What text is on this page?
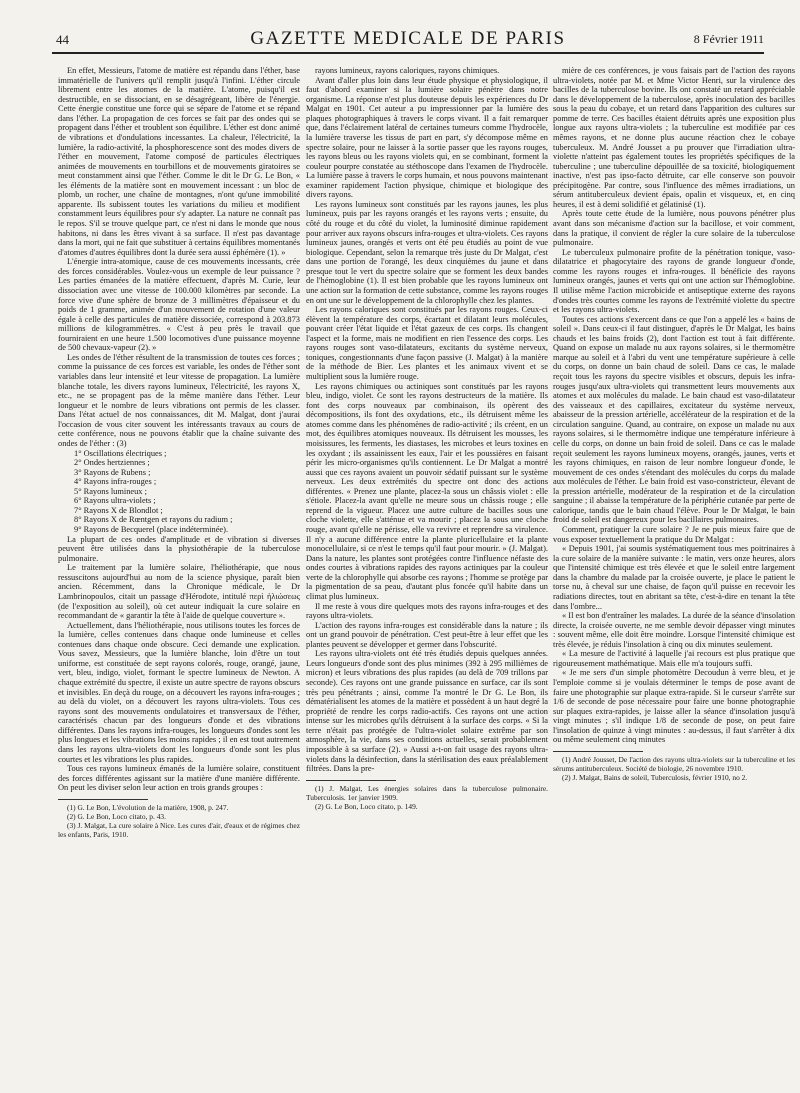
44	GAZETTE MEDICALE DE PARIS	8 Février 1911

En effet, Messieurs, l'atome de matière est répandu dans l'éther, base immatérielle de l'univers qu'il remplit jusqu'à l'infini. L'éther circule librement entre les atomes de la matière. L'atome, puisqu'il est destructible, en se dissociant, en se désagrégeant, libère de l'énergie. Cette énergie constitue une force qui se sépare de l'atome et se répand dans l'éther. La propagation de ces forces se fait par des ondes qui se propagent dans l'éther et troublent son équilibre. L'éther est donc animé de vibrations et d'ondulations incessantes. La chaleur, l'électricité, la lumière, la radio-activité, la phosphorescence sont des modes divers de l'éther en mouvement, l'atome composé de particules électriques animées de mouvements en tourbillons et de mouvements giratoires se meut constamment ainsi que l'éther. Comme le dit le Dr G. Le Bon, « les éléments de la matière sont en mouvement incessant : un bloc de plomb, un rocher, une chaîne de montagnes, n'ont qu'une immobilité apparente. Ils subissent toutes les variations du milieu et modifient constamment leurs équilibres pour s'y adapter. La nature ne connaît pas le repos. S'il se trouve quelque part, ce n'est ni dans le monde que nous habitons, ni dans les êtres vivant à sa surface. Il n'est pas davantage dans la mort, qui ne fait que substituer à certains équilibres momentanés d'atomes d'autres équilibres dont la durée sera aussi éphémère (1). »

L'énergie intra-atomique, cause de ces mouvements incessants, crée des forces considérables. Voulez-vous un exemple de leur puissance ? Les parties émanées de la matière effectuent, d'après M. Curie, leur dissociation avec une vitesse de 100.000 kilomètres par seconde. La force vive d'une sphère de bronze de 3 millimètres d'épaisseur et du poids de 1 gramme, animée d'un mouvement de rotation d'une valeur égale à celle des particules de matière dissociée, correspond à 203.873 millions de kilogrammètres. « C'est à peu près le travail que fourniraient en une heure 1.500 locomotives d'une puissance moyenne de 500 chevaux-vapeur (2). »

Les ondes de l'éther résultent de la transmission de toutes ces forces ; comme la puissance de ces forces est variable, les ondes de l'éther sont variables dans leur intensité et leur vitesse de propagation. La lumière blanche totale, les divers rayons lumineux, l'électricité, les rayons X, etc., ne se propagent pas de la même manière dans l'éther. Leur longueur et le nombre de leurs vibrations ont permis de les classer. Dans l'état actuel de nos connaissances, dit M. Malgat, dont j'aurai l'occasion de vous citer souvent les intéressants travaux au cours de cette conférence, nous ne pouvons établir que la chaîne suivante des ondes de l'éther : (3)

1° Oscillations électriques ;
2° Ondes hertziennes ;
3° Rayons de Rubens ;
4° Rayons infra-rouges ;
5° Rayons lumineux ;
6° Rayons ultra-violets ;
7° Rayons X de Blondlot ;
8° Rayons X de Rœntgen et rayons du radium ;
9° Rayons de Becquerel (place indéterminée).

La plupart de ces ondes d'amplitude et de vibration si diverses peuvent être utilisées dans la physiothérapie de la tuberculose pulmonaire.

Le traitement par la lumière solaire, l'héliothérapie, que nous ressuscitons aujourd'hui au nom de la science physique, paraît bien ancien. Récemment, dans la Chronique médicale, le Dr Lambrinopoulos, citait un passage d'Hérodote, intitulé περὶ ἡλιώσεως (de l'exposition au soleil), où cet auteur indiquait la cure solaire en recommandant de « garantir la tête à l'aide de quelque couverture ».

Actuellement, dans l'héliothérapie, nous utilisons toutes les forces de la lumière, celles contenues dans chaque onde lumineuse et celles contenues dans chaque onde obscure. Ceci demande une explication. Vous savez, Messieurs, que la lumière blanche, loin d'être un tout uniforme, est constituée de sept rayons colorés, rouge, orangé, jaune, vert, bleu, indigo, violet, formant le spectre lumineux de Newton. A chaque extrémité du spectre, il existe un autre spectre de rayons obscurs et invisibles. En deçà du rouge, on a découvert les rayons infra-rouges ; au delà du violet, on a découvert les rayons ultra-violets. Tous ces rayons sont des mouvements ondulatoires et transversaux de l'éther, caractérisés chacun par des longueurs d'onde et des vibrations différentes. Dans les rayons infra-rouges, les longueurs d'ondes sont les plus longues et les vibrations les moins rapides ; il en est tout autrement dans les rayons ultra-violets dont les longueurs d'onde sont les plus courtes et les vibrations les plus rapides.

Tous ces rayons lumineux émanés de la lumière solaire, constituent des forces différentes agissant sur la matière d'une manière différente. On peut les diviser selon leur action en trois grands groupes :

(1) G. Le Bon, L'évolution de la matière, 1908, p. 247.

(2) G. Le Bon, Loco citato, p. 43.

(3) J. Malgat, La cure solaire à Nice. Les cures d'air, d'eaux et de régimes chez les enfants, Paris, 1910.

rayons lumineux, rayons caloriques, rayons chimiques.

Avant d'aller plus loin dans leur étude physique et physiologique, il faut d'abord examiner si la lumière solaire pénètre dans notre organisme. La réponse n'est plus douteuse depuis les expériences du Dr Malgat en 1901. Cet auteur a pu impressionner par la lumière des plaques photographiques à travers le corps vivant. Il a fait remarquer que, dans l'éclairement latéral de certaines tumeurs comme l'hydrocèle, la lumière traverse les tissus de part en part, s'y décompose même en spectre solaire, pour ne laisser à la sortie passer que les rayons rouges, les rayons bleus ou les rayons violets qui, en se combinant, forment la couleur pourpre constatée au stéthoscope dans l'examen de l'hydrocèle. La lumière passe à travers le corps humain, et nous pouvons maintenant examiner rapidement l'action physique, chimique et biologique des divers rayons.

Les rayons lumineux sont constitués par les rayons jaunes, les plus lumineux, puis par les rayons orangés et les rayons verts ; ensuite, du côté du rouge et du côté du violet, la luminosité diminue rapidement pour arriver aux rayons obscurs infra-rouges et ultra-violets. Ces rayons lumineux jaunes, orangés et verts ont été peu étudiés au point de vue biologique. Cependant, selon la remarque très juste du Dr Malgat, c'est dans une portion de l'orangé, les deux cinquièmes du jaune et dans presque tout le vert du spectre solaire que se forment les deux bandes de l'hémoglobine (1). Il est bien probable que les rayons lumineux ont une action sur la formation de cette substance, comme les rayons rouges en ont une sur le développement de la chlorophylle chez les plantes.

Les rayons caloriques sont constitués par les rayons rouges. Ceux-ci élèvent la température des corps, écartant et dilatant leurs molécules, pouvant créer l'état liquide et l'état gazeux de ces corps. Ils changent l'aspect et la forme, mais ne modifient en rien l'essence des corps. Les rayons rouges sont vaso-dilatateurs, excitants du système nerveux, toniques, congestionnants d'une façon passive (J. Malgat) à la manière de la méthode de Bier. Les plantes et les animaux vivent et se multiplient sous la lumière rouge.

Les rayons chimiques ou actiniques sont constitués par les rayons bleu, indigo, violet. Ce sont les rayons destructeurs de la matière. Ils font des corps nouveaux par combinaison, ils opèrent des décompositions, ils font des oxydations, etc., ils détruisent même les atomes comme dans les phénomènes de radio-activité ; ils créent, en un mot, des équilibres atomiques nouveaux. Ils détruisent les mousses, les moisissures, les ferments, les diastases, les microbes et leurs toxines en les oxydant ; ils assainissent les eaux, l'air et les poussières en faisant périr les micro-organismes qu'ils contiennent. Le Dr Malgat a montré aussi que ces rayons avaient un pouvoir sédatif puissant sur le système nerveux. Les deux extrémités du spectre ont donc des actions différentes. « Prenez une plante, placez-la sous un châssis violet : elle s'étiole. Placez-la avant qu'elle ne meure sous un châssis rouge ; elle reprend de la vigueur. Placez une autre culture de bacilles sous une cloche violette, elle s'atténue et va mourir ; placez la sous une cloche rouge, avant qu'elle ne périsse, elle va revivre et reprendre sa virulence. Il n'y a aucune différence entre la plante pluricellulaire et la plante monocellulaire, si ce n'est le temps qu'il faut pour mourir. » (J. Malgat). Dans la nature, les plantes sont protégées contre l'influence néfaste des ondes courtes à vibrations rapides des rayons actiniques par la couleur verte de la chlorophylle qui absorbe ces rayons ; l'homme se protège par la pigmentation de sa peau, d'autant plus foncée qu'il habite dans un climat plus lumineux.

Il me reste à vous dire quelques mots des rayons infra-rouges et des rayons ultra-violets.

L'action des rayons infra-rouges est considérable dans la nature ; ils ont un grand pouvoir de pénétration. C'est peut-être à leur effet que les plantes peuvent se développer et germer dans l'obscurité.

Les rayons ultra-violets ont été très étudiés depuis quelques années. Leurs longueurs d'onde sont des plus minimes (392 à 295 millièmes de micron) et leurs vibrations des plus rapides (au delà de 709 trillons par seconde). Ces rayons ont une grande puissance en surface, car ils sont très peu pénétrants ; ainsi, comme l'a montré le Dr G. Le Bon, ils dématérialisent les atomes de la matière et possèdent à un haut degré la propriété de rendre les corps radio-actifs. Ces rayons ont une action intense sur les microbes qu'ils détruisent à la surface des corps. « Si la terre n'était pas protégée de l'ultra-violet solaire extrême par son atmosphère, la vie, dans ses conditions actuelles, serait probablement impossible à sa surface (2). » Aussi a-t-on fait usage des rayons ultra-violets dans la désinfection, dans la stérilisation des eaux préalablement filtrées. Dans la pre-

(1) J. Malgat, Les énergies solaires dans la tuberculose pulmonaire. Tuberculosis. 1er janvier 1909.

(2) G. Le Bon, Loco citato, p. 149.

mière de ces conférences, je vous faisais part de l'action des rayons ultra-violets, notée par M. et Mme Victor Henri, sur la virulence des bacilles de la tuberculose bovine. Ils ont constaté un retard appréciable dans le développement de la tuberculose, après inoculation des bacilles sous la peau du cobaye, et un retard dans l'apparition des cultures sur pomme de terre. Ces bacilles étaient détruits après une exposition plus longue aux rayons ultra-violets ; la tuberculine est modifiée par ces mêmes rayons, et ne donne plus aucune réaction chez le cobaye tuberculeux. M. André Jousset a pu prouver que l'irradiation ultra-violette n'atteint pas également toutes les propriétés spécifiques de la tuberculine ; une tuberculine dépouillée de sa toxicité, biologiquement inactive, n'est pas ipso-facto détruite, car elle conserve son pouvoir précipitogène. Par contre, sous l'influence des mêmes irradiations, un sérum antituberculeux devient épais, opalin et visqueux, et, en cinq heures, il est à demi solidifié et gélatinisé (1).

Après toute cette étude de la lumière, nous pouvons pénétrer plus avant dans son mécanisme d'action sur la bacillose, et voir comment, dans la pratique, il convient de régler la cure solaire de la tuberculose pulmonaire.

Le tuberculeux pulmonaire profite de la pénétration tonique, vaso-dilatatrice et phagocytaire des rayons de grande longueur d'onde, comme les rayons rouges et infra-rouges. Il bénéficie des rayons lumineux orangés, jaunes et verts qui ont une action sur l'hémoglobine. Il utilise même l'action microbicide et antiseptique externe des rayons d'ondes très courtes comme les rayons de l'extrémité violette du spectre et les rayons ultra-violets.

Toutes ces actions s'exercent dans ce que l'on a appelé les « bains de soleil ». Dans ceux-ci il faut distinguer, d'après le Dr Malgat, les bains chauds et les bains froids (2), dont l'action est tout à fait différente. Quand on expose un malade nu aux rayons solaires, si le thermomètre marque au soleil et à l'abri du vent une température supérieure à celle du corps, on donne un bain chaud de soleil. Dans ce cas, le malade reçoit tous les rayons du spectre visibles et obscurs, depuis les infra-rouges jusqu'aux ultra-violets qui transmettent leurs mouvements aux atomes et aux molécules du malade. Le bain chaud est vaso-dilatateur des vaisseaux et des capillaires, excitateur du système nerveux, abaisseur de la pression artérielle, accélérateur de la respiration et de la circulation sanguine. Quand, au contraire, on expose un malade nu aux rayons solaires, si le thermomètre indique une température inférieure à celle du corps, on donne un bain froid de soleil. Dans ce cas le malade reçoit seulement les rayons lumineux moyens, orangés, jaunes, verts et les rayons chimiques, en raison de leur nombre longueur d'onde, le mouvement de ces ondes s'étendant des molécules du corps du malade aux molécules de l'éther. Le bain froid est vaso-constricteur, élevant de la pression artérielle, modérateur de la respiration et de la circulation sanguine ; il abaisse la température de la périphérie cutanée par perte de calorique, tandis que le bain chaud l'élève. Pour le Dr Malgat, le bain froid de soleil est dangereux pour les bacillaires pulmonaires.

Comment, pratiquer la cure solaire ? Je ne puis mieux faire que de vous exposer textuellement la pratique du Dr Malgat :

« Depuis 1901, j'ai soumis systématiquement tous mes poitrinaires à la cure solaire de la manière suivante : le matin, vers onze heures, alors que l'intensité chimique est très élevée et que le soleil entre largement dans la chambre du malade par la croisée ouverte, je place le patient le torse nu, à cheval sur une chaise, de façon qu'il puisse en recevoir les radiations directes, tout en abritant sa tête, c'est-à-dire en tenant la tête dans l'ombre...

« Il est bon d'entraîner les malades. La durée de la séance d'insolation directe, la croisée ouverte, ne me semble devoir dépasser vingt minutes : souvent même, elle doit être moindre. Lorsque l'intensité chimique est très élevée, je réduis l'insolation à cinq ou dix minutes seulement.

« La mesure de l'activité à laquelle j'ai recours est plus pratique que rigoureusement mathématique. Mais elle m'a toujours suffi.

« Je me sers d'un simple photomètre Decoudun à verre bleu, et je l'emploie comme si je voulais déterminer le temps de pose avant de faire une photographie sur plaque extra-rapide. Si le curseur s'arrête sur 1/6 de seconde de pose nécessaire pour faire une bonne photographie sur plaques extra-rapides, je laisse aller la séance d'insolation jusqu'à vingt minutes ; s'il indique 1/8 de seconde de pose, on peut faire l'insolation de quinze à vingt minutes : au-dessus, il faut s'arrêter à dix ou même seulement cinq minutes

(1) André Jousset, De l'action des rayons ultra-violets sur la tuberculine et les sérums antituberculeux. Société de biologie, 26 novembre 1910.

(2) J. Malgat, Bains de soleil, Tuberculosis, février 1910, no 2.
